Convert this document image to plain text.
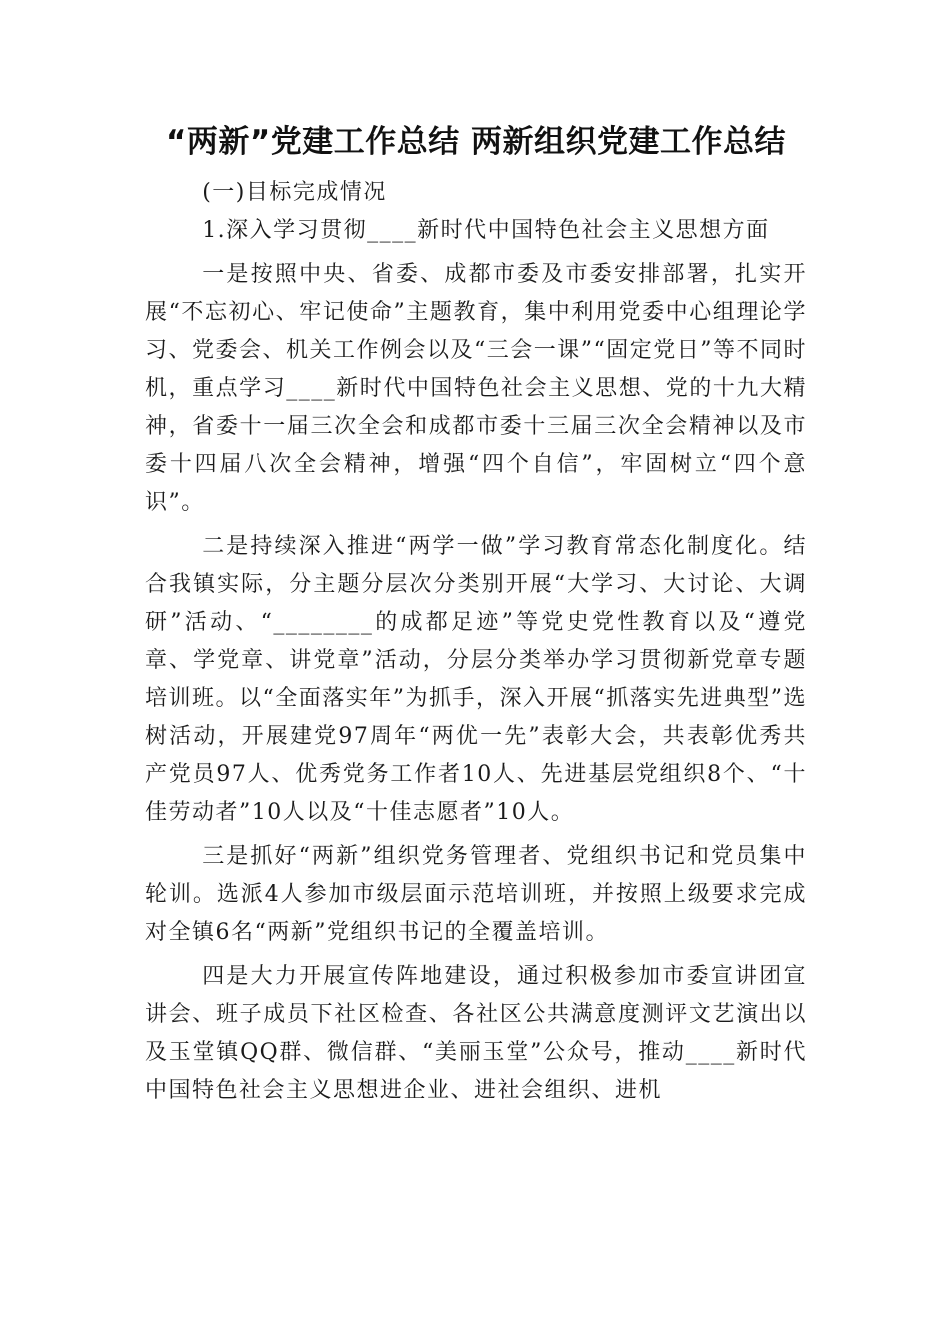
“两新”党建工作总结 两新组织党建工作总结

(一)目标完成情况

1.深入学习贯彻____新时代中国特色社会主义思想方面

一是按照中央、省委、成都市委及市委安排部署，扎实开展“不忘初心、牢记使命”主题教育，集中利用党委中心组理论学习、党委会、机关工作例会以及“三会一课”“固定党日”等不同时机，重点学习____新时代中国特色社会主义思想、党的十九大精神，省委十一届三次全会和成都市委十三届三次全会精神以及市委十四届八次全会精神，增强“四个自信”，牢固树立“四个意识”。

二是持续深入推进“两学一做”学习教育常态化制度化。结合我镇实际，分主题分层次分类别开展“大学习、大讨论、大调研”活动、“________的成都足迹”等党史党性教育以及“遵党章、学党章、讲党章”活动，分层分类举办学习贯彻新党章专题培训班。以“全面落实年”为抓手，深入开展“抓落实先进典型”选树活动，开展建党97周年“两优一先”表彰大会，共表彰优秀共产党员97人、优秀党务工作者10人、先进基层党组织8个、“十佳劳动者”10人以及“十佳志愿者”10人。

三是抓好“两新”组织党务管理者、党组织书记和党员集中轮训。选派4人参加市级层面示范培训班，并按照上级要求完成对全镇6名“两新”党组织书记的全覆盖培训。

四是大力开展宣传阵地建设，通过积极参加市委宣讲团宣讲会、班子成员下社区检查、各社区公共满意度测评文艺演出以及玉堂镇QQ群、微信群、“美丽玉堂”公众号，推动____新时代中国特色社会主义思想进企业、进社会组织、进机
